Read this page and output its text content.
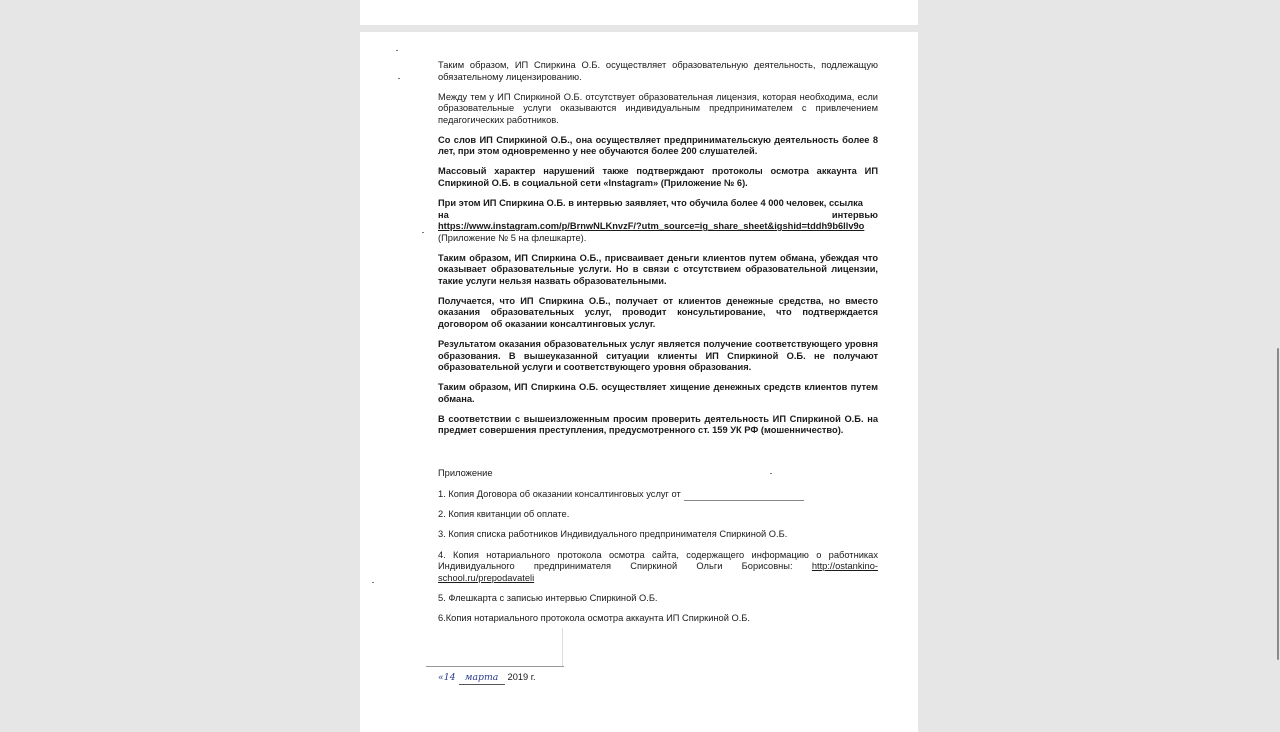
Таким образом, ИП Спиркина О.Б. осуществляет образовательную деятельность, подлежащую обязательному лицензированию.

Между тем у ИП Спиркиной О.Б. отсутствует образовательная лицензия, которая необходима, если образовательные услуги оказываются индивидуальным предпринимателем с привлечением педагогических работников.

Со слов ИП Спиркиной О.Б., она осуществляет предпринимательскую деятельность более 8 лет, при этом одновременно у нее обучаются более 200 слушателей.

Массовый характер нарушений также подтверждают протоколы осмотра аккаунта ИП Спиркиной О.Б. в социальной сети «Instagram» (Приложение № 6).

При этом ИП Спиркина О.Б. в интервью заявляет, что обучила более 4 000 человек, ссылка
на	интервью
https://www.instagram.com/p/BrnwNLKnvzF/?utm_source=ig_share_sheet&igshid=tddh9b6llv9o
(Приложение № 5 на флешкарте).

Таким образом, ИП Спиркина О.Б., присваивает деньги клиентов путем обмана, убеждая что оказывает образовательные услуги. Но в связи с отсутствием образовательной лицензии, такие услуги нельзя назвать образовательными.

Получается, что ИП Спиркина О.Б., получает от клиентов денежные средства, но вместо оказания образовательных услуг, проводит консультирование, что подтверждается договором об оказании консалтинговых услуг.

Результатом оказания образовательных услуг является получение соответствующего уровня образования. В вышеуказанной ситуации клиенты ИП Спиркиной О.Б. не получают образовательной услуги и соответствующего уровня образования.

Таким образом, ИП Спиркина О.Б. осуществляет хищение денежных средств клиентов путем обмана.

В соответствии с вышеизложенным просим проверить деятельность ИП Спиркиной О.Б. на предмет совершения преступления, предусмотренного ст. 159 УК РФ (мошенничество).

Приложение

1. Копия Договора об оказании консалтинговых услуг от

2. Копия квитанции об оплате.

3. Копия списка работников Индивидуального предпринимателя Спиркиной О.Б.

4. Копия нотариального протокола осмотра сайта, содержащего информацию о работниках Индивидуального предпринимателя Спиркиной Ольги Борисовны: http://ostankino-school.ru/prepodavateli

5. Флешкарта с записью интервью Спиркиной О.Б.

6.Копия нотариального протокола осмотра аккаунта ИП Спиркиной О.Б.

«14 марта 2019 г.
